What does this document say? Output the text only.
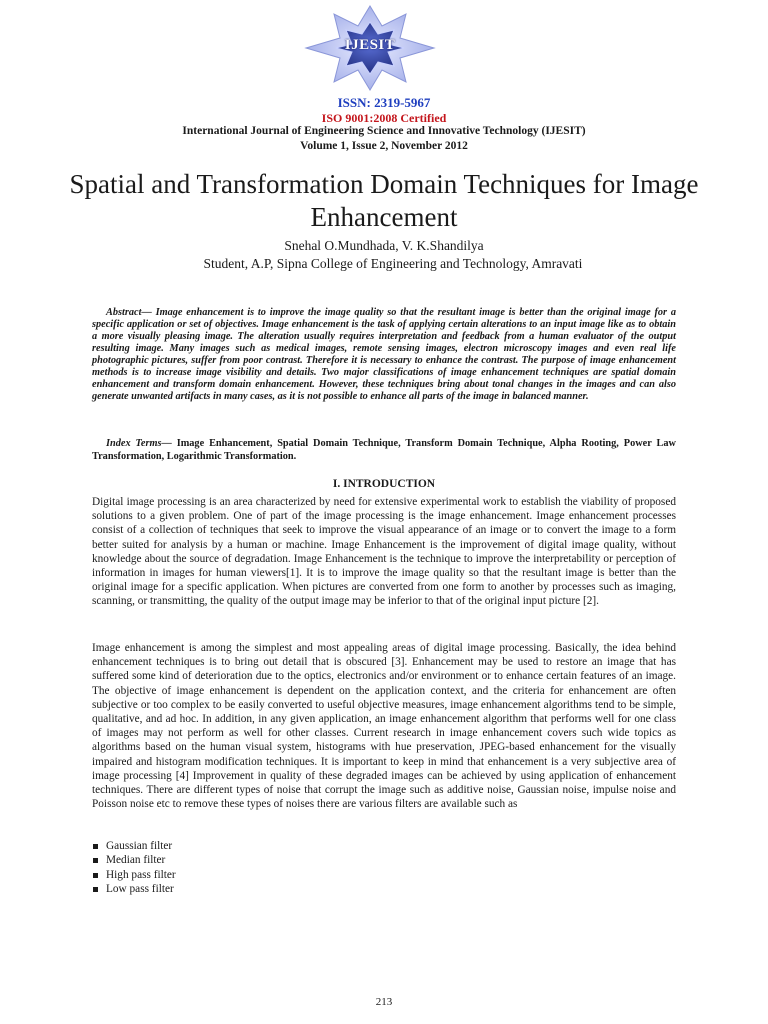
IJESIT
ISSN: 2319-5967
ISO 9001:2008 Certified
International Journal of Engineering Science and Innovative Technology (IJESIT)
Volume 1, Issue 2, November 2012
Spatial and Transformation Domain Techniques for Image Enhancement
Snehal O.Mundhada, V. K.Shandilya
Student, A.P, Sipna College of Engineering and Technology, Amravati

Abstract— Image enhancement is to improve the image quality so that the resultant image is better than the original image for a specific application or set of objectives. Image enhancement is the task of applying certain alterations to an input image like as to obtain a more visually pleasing image. The alteration usually requires interpretation and feedback from a human evaluator of the output resulting image. Many images such as medical images, remote sensing images, electron microscopy images and even real life photographic pictures, suffer from poor contrast. Therefore it is necessary to enhance the contrast. The purpose of image enhancement methods is to increase image visibility and details. Two major classifications of image enhancement techniques are spatial domain enhancement and transform domain enhancement. However, these techniques bring about tonal changes in the images and can also generate unwanted artifacts in many cases, as it is not possible to enhance all parts of the image in balanced manner.

Index Terms— Image Enhancement, Spatial Domain Technique, Transform Domain Technique, Alpha Rooting, Power Law Transformation, Logarithmic Transformation.

I. INTRODUCTION

Digital image processing is an area characterized by need for extensive experimental work to establish the viability of proposed solutions to a given problem. One of part of the image processing is the image enhancement. Image enhancement processes consist of a collection of techniques that seek to improve the visual appearance of an image or to convert the image to a form better suited for analysis by a human or machine. Image Enhancement is the improvement of digital image quality, without knowledge about the source of degradation. Image Enhancement is the technique to improve the interpretability or perception of information in images for human viewers[1]. It is to improve the image quality so that the resultant image is better than the original image for a specific application. When pictures are converted from one form to another by processes such as imaging, scanning, or transmitting, the quality of the output image may be inferior to that of the original input picture [2].

Image enhancement is among the simplest and most appealing areas of digital image processing. Basically, the idea behind enhancement techniques is to bring out detail that is obscured [3]. Enhancement may be used to restore an image that has suffered some kind of deterioration due to the optics, electronics and/or environment or to enhance certain features of an image. The objective of image enhancement is dependent on the application context, and the criteria for enhancement are often subjective or too complex to be easily converted to useful objective measures, image enhancement algorithms tend to be simple, qualitative, and ad hoc. In addition, in any given application, an image enhancement algorithm that performs well for one class of images may not perform as well for other classes. Current research in image enhancement covers such wide topics as algorithms based on the human visual system, histograms with hue preservation, JPEG-based enhancement for the visually impaired and histogram modification techniques. It is important to keep in mind that enhancement is a very subjective area of image processing [4] Improvement in quality of these degraded images can be achieved by using application of enhancement techniques. There are different types of noise that corrupt the image such as additive noise, Gaussian noise, impulse noise and Poisson noise etc to remove these types of noises there are various filters are available such as

Gaussian filter
Median filter
High pass filter
Low pass filter
213
